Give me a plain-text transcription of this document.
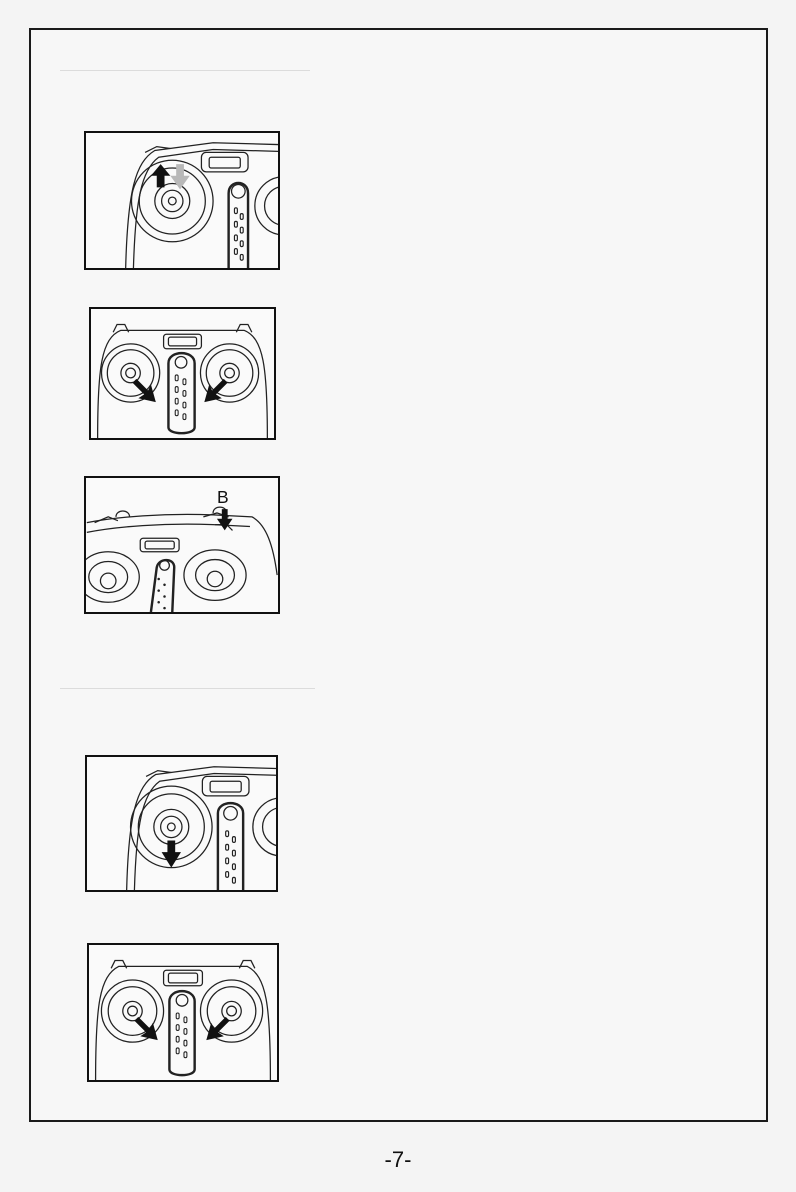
B
-7-
